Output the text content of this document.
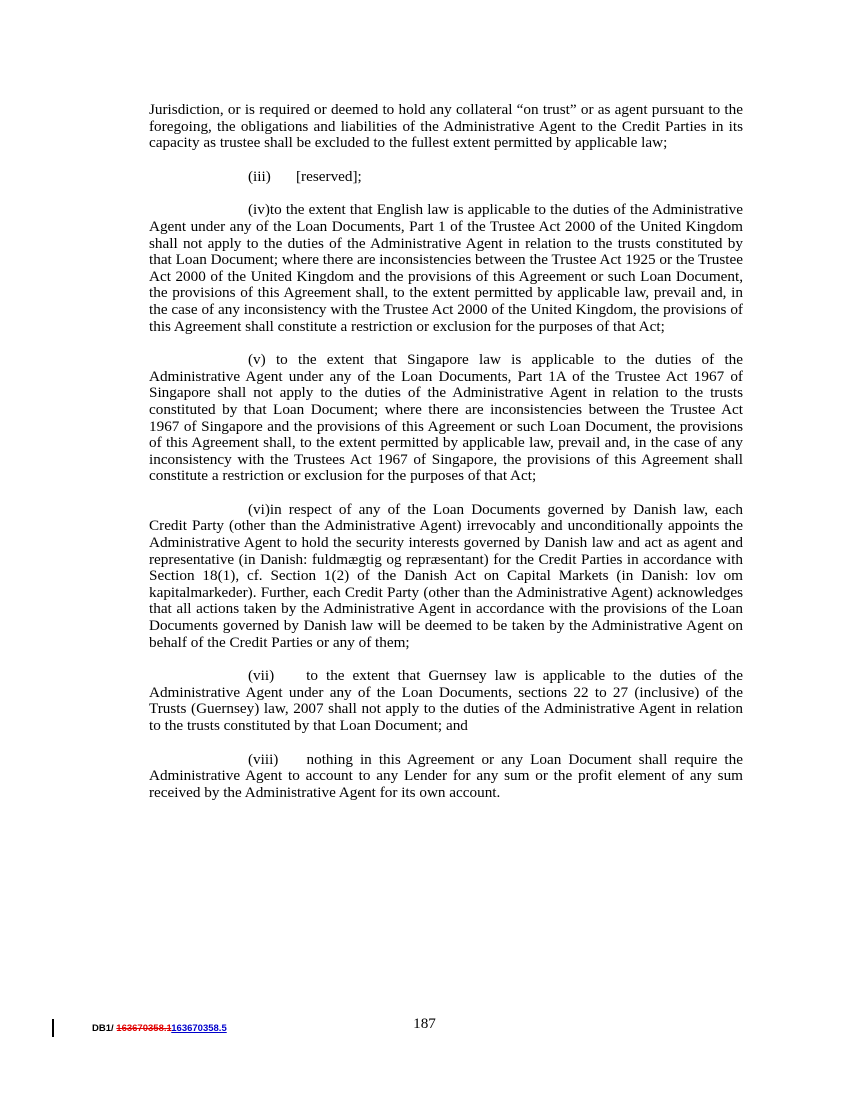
Jurisdiction, or is required or deemed to hold any collateral “on trust” or as agent pursuant to the foregoing, the obligations and liabilities of the Administrative Agent to the Credit Parties in its capacity as trustee shall be excluded to the fullest extent permitted by applicable law;

(iii) [reserved];

(iv)to the extent that English law is applicable to the duties of the Administrative Agent under any of the Loan Documents, Part 1 of the Trustee Act 2000 of the United Kingdom shall not apply to the duties of the Administrative Agent in relation to the trusts constituted by that Loan Document; where there are inconsistencies between the Trustee Act 1925 or the Trustee Act 2000 of the United Kingdom and the provisions of this Agreement or such Loan Document, the provisions of this Agreement shall, to the extent permitted by applicable law, prevail and, in the case of any inconsistency with the Trustee Act 2000 of the United Kingdom, the provisions of this Agreement shall constitute a restriction or exclusion for the purposes of that Act;

(v) to the extent that Singapore law is applicable to the duties of the Administrative Agent under any of the Loan Documents, Part 1A of the Trustee Act 1967 of Singapore shall not apply to the duties of the Administrative Agent in relation to the trusts constituted by that Loan Document; where there are inconsistencies between the Trustee Act 1967 of Singapore and the provisions of this Agreement or such Loan Document, the provisions of this Agreement shall, to the extent permitted by applicable law, prevail and, in the case of any inconsistency with the Trustees Act 1967 of Singapore, the provisions of this Agreement shall constitute a restriction or exclusion for the purposes of that Act;

(vi)in respect of any of the Loan Documents governed by Danish law, each Credit Party (other than the Administrative Agent) irrevocably and unconditionally appoints the Administrative Agent to hold the security interests governed by Danish law and act as agent and representative (in Danish: fuldmægtig og repræsentant) for the Credit Parties in accordance with Section 18(1), cf. Section 1(2) of the Danish Act on Capital Markets (in Danish: lov om kapitalmarkeder). Further, each Credit Party (other than the Administrative Agent) acknowledges that all actions taken by the Administrative Agent in accordance with the provisions of the Loan Documents governed by Danish law will be deemed to be taken by the Administrative Agent on behalf of the Credit Parties or any of them;

(vii)    to the extent that Guernsey law is applicable to the duties of the Administrative Agent under any of the Loan Documents, sections 22 to 27 (inclusive) of the Trusts (Guernsey) law, 2007 shall not apply to the duties of the Administrative Agent in relation to the trusts constituted by that Loan Document; and

(viii)    nothing in this Agreement or any Loan Document shall require the Administrative Agent to account to any Lender for any sum or the profit element of any sum received by the Administrative Agent for its own account.

DB1/ 163670358.1163670358.5	187
